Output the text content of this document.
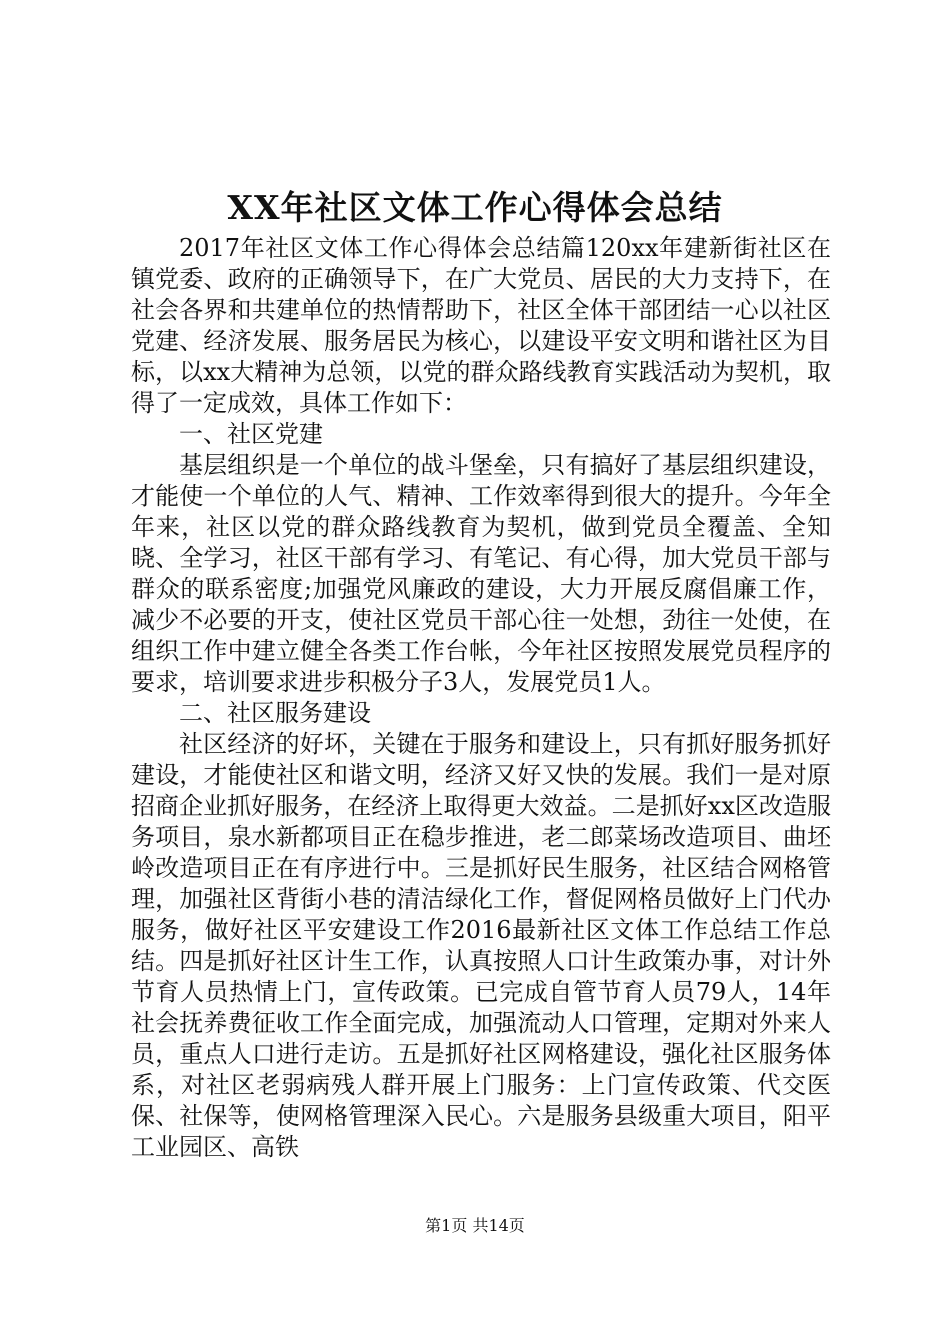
XX年社区文体工作心得体会总结

2017年社区文体工作心得体会总结篇120xx年建新街社区在镇党委、政府的正确领导下，在广大党员、居民的大力支持下，在社会各界和共建单位的热情帮助下，社区全体干部团结一心以社区党建、经济发展、服务居民为核心，以建设平安文明和谐社区为目标，以xx大精神为总领，以党的群众路线教育实践活动为契机，取得了一定成效，具体工作如下：

一、社区党建

基层组织是一个单位的战斗堡垒，只有搞好了基层组织建设，才能使一个单位的人气、精神、工作效率得到很大的提升。今年全年来，社区以党的群众路线教育为契机，做到党员全覆盖、全知晓、全学习，社区干部有学习、有笔记、有心得，加大党员干部与群众的联系密度;加强党风廉政的建设，大力开展反腐倡廉工作，减少不必要的开支，使社区党员干部心往一处想，劲往一处使，在组织工作中建立健全各类工作台帐，今年社区按照发展党员程序的要求，培训要求进步积极分子3人，发展党员1人。

二、社区服务建设

社区经济的好坏，关键在于服务和建设上，只有抓好服务抓好建设，才能使社区和谐文明，经济又好又快的发展。我们一是对原招商企业抓好服务，在经济上取得更大效益。二是抓好xx区改造服务项目，泉水新都项目正在稳步推进，老二郎菜场改造项目、曲坯岭改造项目正在有序进行中。三是抓好民生服务，社区结合网格管理，加强社区背街小巷的清洁绿化工作，督促网格员做好上门代办服务，做好社区平安建设工作2016最新社区文体工作总结工作总结。四是抓好社区计生工作，认真按照人口计生政策办事，对计外节育人员热情上门，宣传政策。已完成自管节育人员79人，14年社会抚养费征收工作全面完成，加强流动人口管理，定期对外来人员，重点人口进行走访。五是抓好社区网格建设，强化社区服务体系，对社区老弱病残人群开展上门服务：上门宣传政策、代交医保、社保等，使网格管理深入民心。六是服务县级重大项目，阳平工业园区、高铁

第1页 共14页
